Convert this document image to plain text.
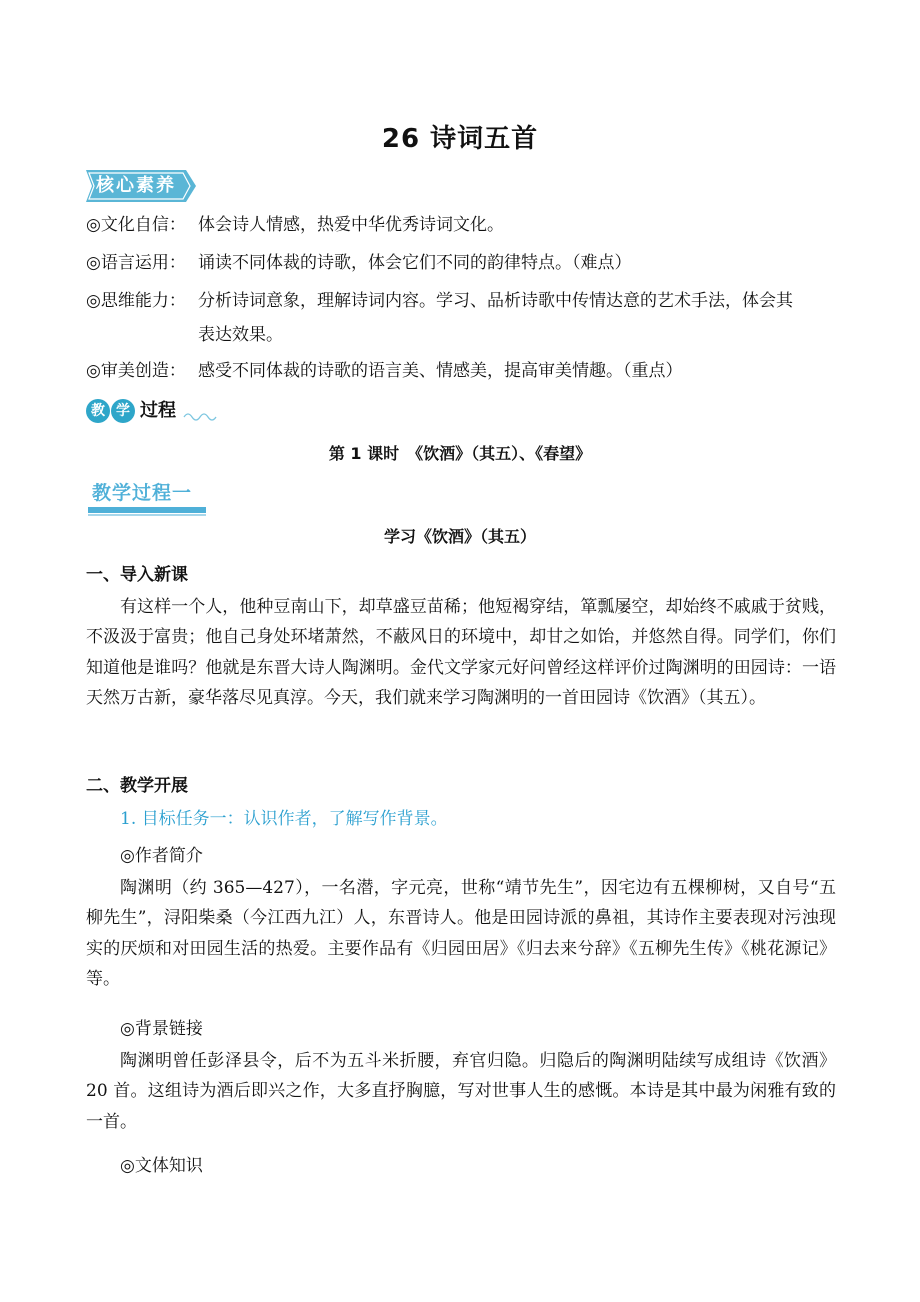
26 诗词五首
核心素养
◎文化自信： 体会诗人情感，热爱中华优秀诗词文化。
◎语言运用： 诵读不同体裁的诗歌，体会它们不同的韵律特点。（难点）
◎思维能力： 分析诗词意象，理解诗词内容。学习、品析诗歌中传情达意的艺术手法，体会其
表达效果。
◎审美创造： 感受不同体裁的诗歌的语言美、情感美，提高审美情趣。（重点）
教 学 过程
第 1 课时　《饮酒》（其五）、《春望》
教学过程一
学习《饮酒》（其五）
一、导入新课
有这样一个人，他种豆南山下，却草盛豆苗稀；他短褐穿结，箪瓢屡空，却始终不戚戚于贫贱，不汲汲于富贵；他自己身处环堵萧然，不蔽风日的环境中，却甘之如饴，并悠然自得。同学们，你们知道他是谁吗？他就是东晋大诗人陶渊明。金代文学家元好问曾经这样评价过陶渊明的田园诗：一语天然万古新，豪华落尽见真淳。今天，我们就来学习陶渊明的一首田园诗《饮酒》（其五）。
二、教学开展
1. 目标任务一：认识作者，了解写作背景。
◎作者简介
陶渊明（约 365—427），一名潜，字元亮，世称“靖节先生”，因宅边有五棵柳树，又自号“五柳先生”，浔阳柴桑（今江西九江）人，东晋诗人。他是田园诗派的鼻祖，其诗作主要表现对污浊现实的厌烦和对田园生活的热爱。主要作品有《归园田居》《归去来兮辞》《五柳先生传》《桃花源记》等。
◎背景链接
陶渊明曾任彭泽县令，后不为五斗米折腰，弃官归隐。归隐后的陶渊明陆续写成组诗《饮酒》20 首。这组诗为酒后即兴之作，大多直抒胸臆，写对世事人生的感慨。本诗是其中最为闲雅有致的一首。
◎文体知识
